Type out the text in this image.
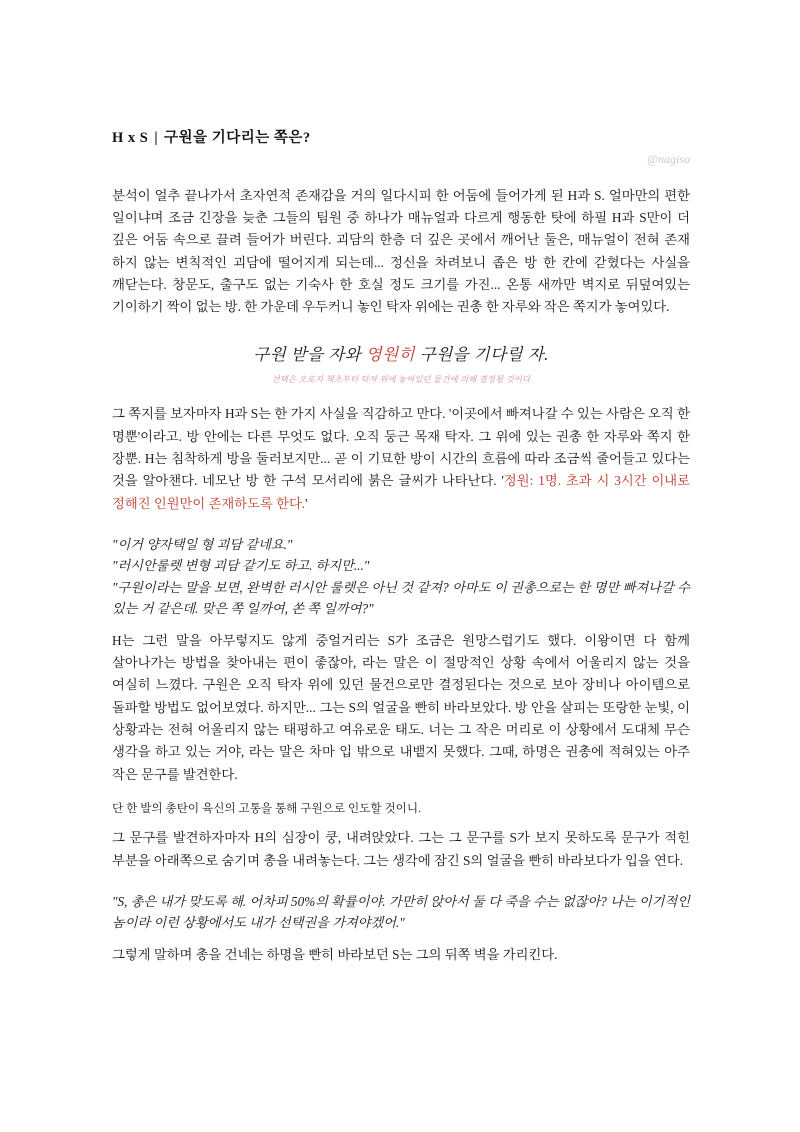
H x S | 구원을 기다리는 쪽은?

@nagiso

분석이 얼추 끝나가서 초자연적 존재감을 거의 일다시피 한 어둠에 들어가게 된 H과 S. 얼마만의 편한 일이냐며 조금 긴장을 늦춘 그들의 팀원 중 하나가 매뉴얼과 다르게 행동한 탓에 하필 H과 S만이 더 깊은 어둠 속으로 끌려 들어가 버린다. 괴담의 한층 더 깊은 곳에서 깨어난 둘은, 매뉴얼이 전혀 존재 하지 않는 변칙적인 괴담에 떨어지게 되는데... 정신을 차려보니 좁은 방 한 칸에 갇혔다는 사실을 깨닫는다. 창문도, 출구도 없는 기숙사 한 호실 정도 크기를 가진... 온통 새까만 벽지로 뒤덮여있는 기이하기 짝이 없는 방. 한 가운데 우두커니 놓인 탁자 위에는 권총 한 자루와 작은 쪽지가 놓여있다.

구원 받을 자와 영원히 구원을 기다릴 자.

선택은 오로지 책초부터 탁자 위에 놓여있던 물건에 의해 결정될 것이다

그 쪽지를 보자마자 H과 S는 한 가지 사실을 직감하고 만다. '이곳에서 빠져나갈 수 있는 사람은 오직 한 명뿐'이라고. 방 안에는 다른 무엇도 없다. 오직 둥근 목재 탁자. 그 위에 있는 권총 한 자루와 쪽지 한 장뿐. H는 침착하게 방을 둘러보지만... 곧 이 기묘한 방이 시간의 흐름에 따라 조금씩 줄어들고 있다는 것을 알아챈다. 네모난 방 한 구석 모서리에 붉은 글씨가 나타난다. '정원: 1명. 초과 시 3시간 이내로 정해진 인원만이 존재하도록 한다.'

"이거 양자택일 형 괴담 같네요."

"러시안룰렛 변형 괴담 같기도 하고. 하지만..."

"구원이라는 말을 보면, 완벽한 러시안 룰렛은 아닌 것 같져? 아마도 이 권총으로는 한 명만 빠져나갈 수 있는 거 같은데. 맞은 쪽 일까여, 쏜 쪽 일까여?"

H는 그런 말을 아무렇지도 않게 중얼거리는 S가 조금은 원망스럽기도 했다. 이왕이면 다 함께 살아나가는 방법을 찾아내는 편이 좋잖아, 라는 말은 이 절망적인 상황 속에서 어울리지 않는 것을 여실히 느꼈다. 구원은 오직 탁자 위에 있던 물건으로만 결정된다는 것으로 보아 장비나 아이템으로 돌파할 방법도 없어보였다. 하지만... 그는 S의 얼굴을 빤히 바라보았다. 방 안을 살피는 또랑한 눈빛, 이 상황과는 전혀 어울리지 않는 태평하고 여유로운 태도. 너는 그 작은 머리로 이 상황에서 도대체 무슨 생각을 하고 있는 거야, 라는 말은 차마 입 밖으로 내뱉지 못했다. 그때, 하명은 권총에 적혀있는 아주 작은 문구를 발견한다.

단 한 발의 총탄이 육신의 고통을 통해 구원으로 인도할 것이니.

그 문구를 발견하자마자 H의 심장이 쿵, 내려앉았다. 그는 그 문구를 S가 보지 못하도록 문구가 적힌 부분을 아래쪽으로 숨기며 총을 내려놓는다. 그는 생각에 잠긴 S의 얼굴을 빤히 바라보다가 입을 연다.

"S, 총은 내가 맞도록 해. 어차피 50%의 확률이야. 가만히 앉아서 둘 다 죽을 수는 없잖아? 나는 이기적인 놈이라 이런 상황에서도 내가 선택권을 가져야겠어."

그렇게 말하며 총을 건네는 하명을 빤히 바라보던 S는 그의 뒤쪽 벽을 가리킨다.
